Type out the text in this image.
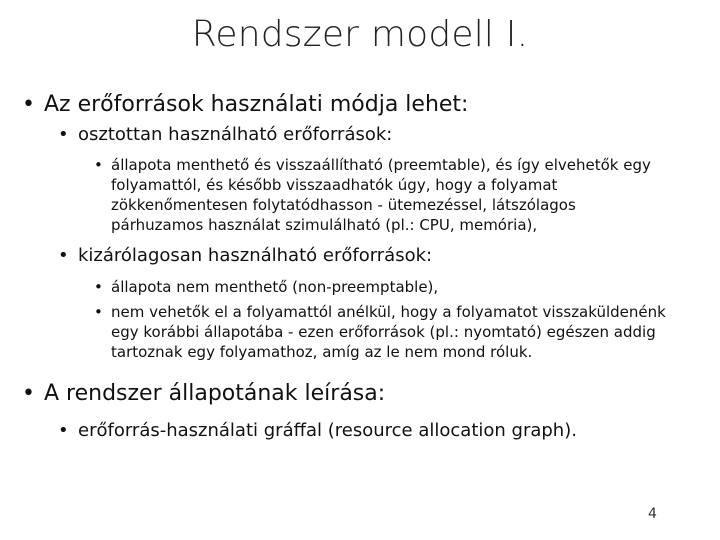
Rendszer modell I.
• Az erőforrások használati módja lehet:
• osztottan használható erőforrások:
• állapota menthető és visszaállítható (preemtable), és így elvehetők egy
folyamattól, és később visszaadhatók úgy, hogy a folyamat
zökkenőmentesen folytatódhasson - ütemezéssel, látszólagos
párhuzamos használat szimulálható (pl.: CPU, memória),
• kizárólagosan használható erőforrások:
• állapota nem menthető (non-preemptable),
• nem vehetők el a folyamattól anélkül, hogy a folyamatot visszaküldenénk
egy korábbi állapotába - ezen erőforrások (pl.: nyomtató) egészen addig
tartoznak egy folyamathoz, amíg az le nem mond róluk.
• A rendszer állapotának leírása:
• erőforrás-használati gráffal (resource allocation graph).
4
